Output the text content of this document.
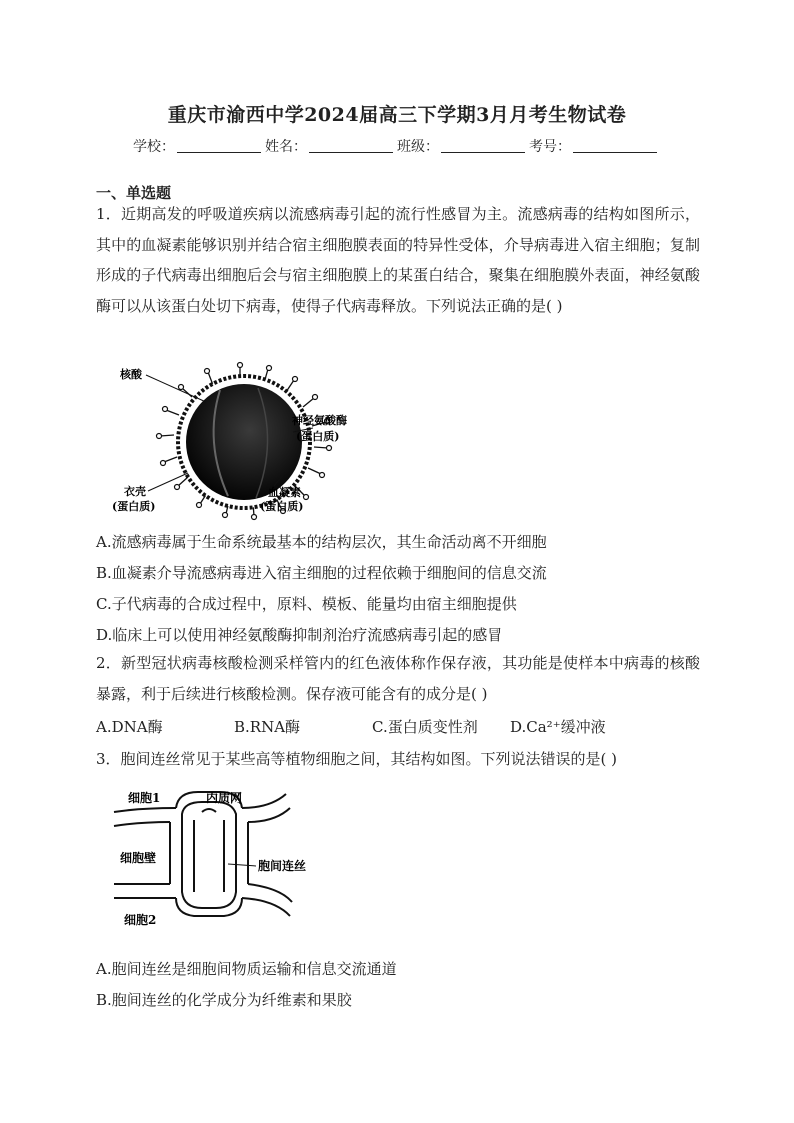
重庆市渝西中学2024届高三下学期3月月考生物试卷
学校：	姓名：	班级：	考号：
一、单选题
1．近期高发的呼吸道疾病以流感病毒引起的流行性感冒为主。流感病毒的结构如图所示，其中的血凝素能够识别并结合宿主细胞膜表面的特异性受体，介导病毒进入宿主细胞；复制形成的子代病毒出细胞后会与宿主细胞膜上的某蛋白结合，聚集在细胞膜外表面，神经氨酸酶可以从该蛋白处切下病毒，使得子代病毒释放。下列说法正确的是( )
核酸
神经氨酸酶
(蛋白质)
衣壳
(蛋白质)
血凝素
(蛋白质)
A.流感病毒属于生命系统最基本的结构层次，其生命活动离不开细胞
B.血凝素介导流感病毒进入宿主细胞的过程依赖于细胞间的信息交流
C.子代病毒的合成过程中，原料、模板、能量均由宿主细胞提供
D.临床上可以使用神经氨酸酶抑制剂治疗流感病毒引起的感冒
2．新型冠状病毒核酸检测采样管内的红色液体称作保存液，其功能是使样本中病毒的核酸暴露，利于后续进行核酸检测。保存液可能含有的成分是( )
A.DNA酶	B.RNA酶	C.蛋白质变性剂 D.Ca²⁺缓冲液
3．胞间连丝常见于某些高等植物细胞之间，其结构如图。下列说法错误的是( )
细胞1	内质网
细胞壁
胞间连丝
细胞2
A.胞间连丝是细胞间物质运输和信息交流通道
B.胞间连丝的化学成分为纤维素和果胶
